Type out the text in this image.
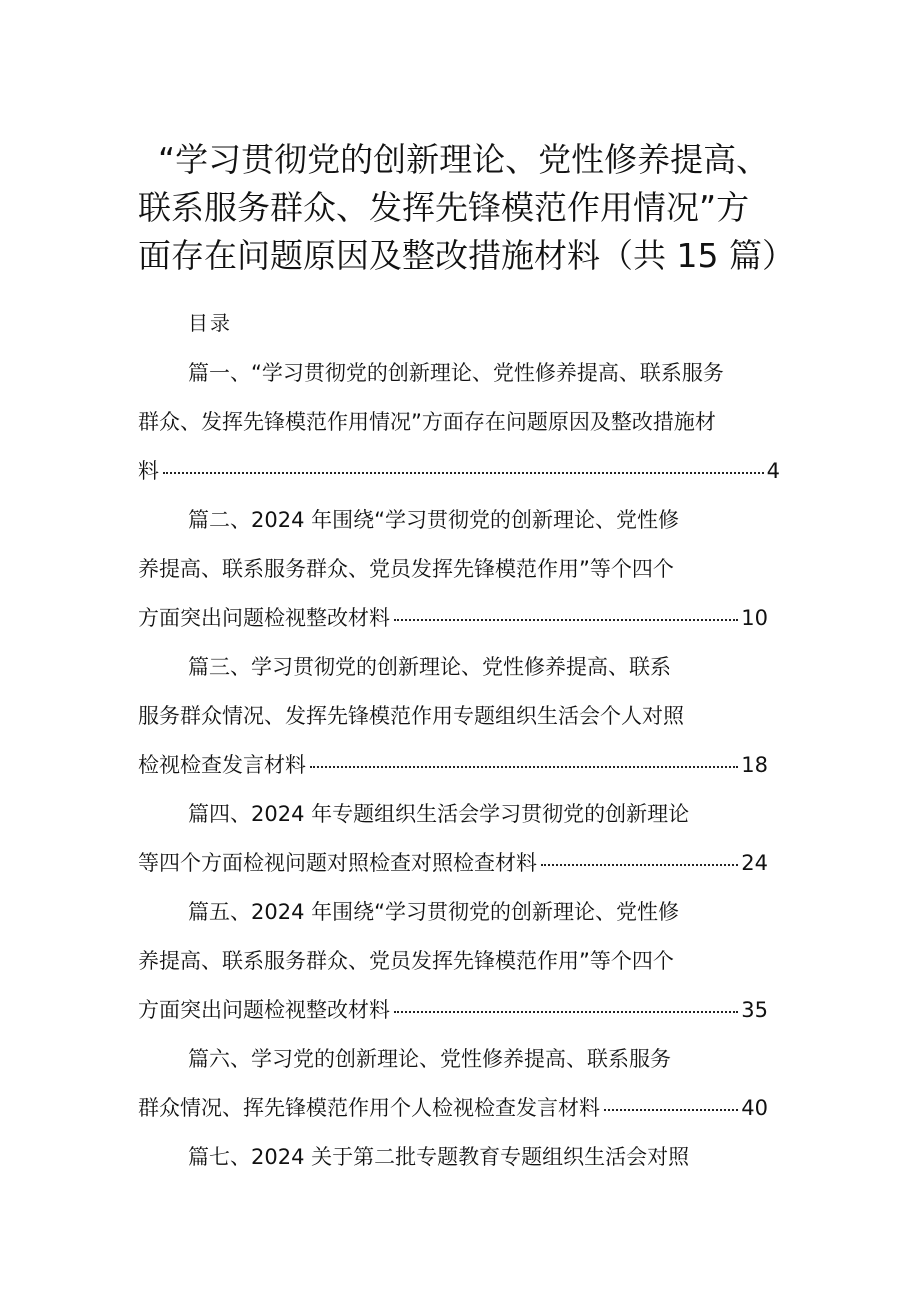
“学习贯彻党的创新理论、党性修养提高、
联系服务群众、发挥先锋模范作用情况”方
面存在问题原因及整改措施材料（共 15 篇）
目录
篇一、“学习贯彻党的创新理论、党性修养提高、联系服务
群众、发挥先锋模范作用情况”方面存在问题原因及整改措施材
料	4
篇二、2024 年围绕“学习贯彻党的创新理论、党性修
养提高、联系服务群众、党员发挥先锋模范作用”等个四个
方面突出问题检视整改材料	10
篇三、学习贯彻党的创新理论、党性修养提高、联系
服务群众情况、发挥先锋模范作用专题组织生活会个人对照
检视检查发言材料	18
篇四、2024 年专题组织生活会学习贯彻党的创新理论
等四个方面检视问题对照检查对照检查材料	24
篇五、2024 年围绕“学习贯彻党的创新理论、党性修
养提高、联系服务群众、党员发挥先锋模范作用”等个四个
方面突出问题检视整改材料	35
篇六、学习党的创新理论、党性修养提高、联系服务
群众情况、挥先锋模范作用个人检视检查发言材料	40
篇七、2024 关于第二批专题教育专题组织生活会对照
